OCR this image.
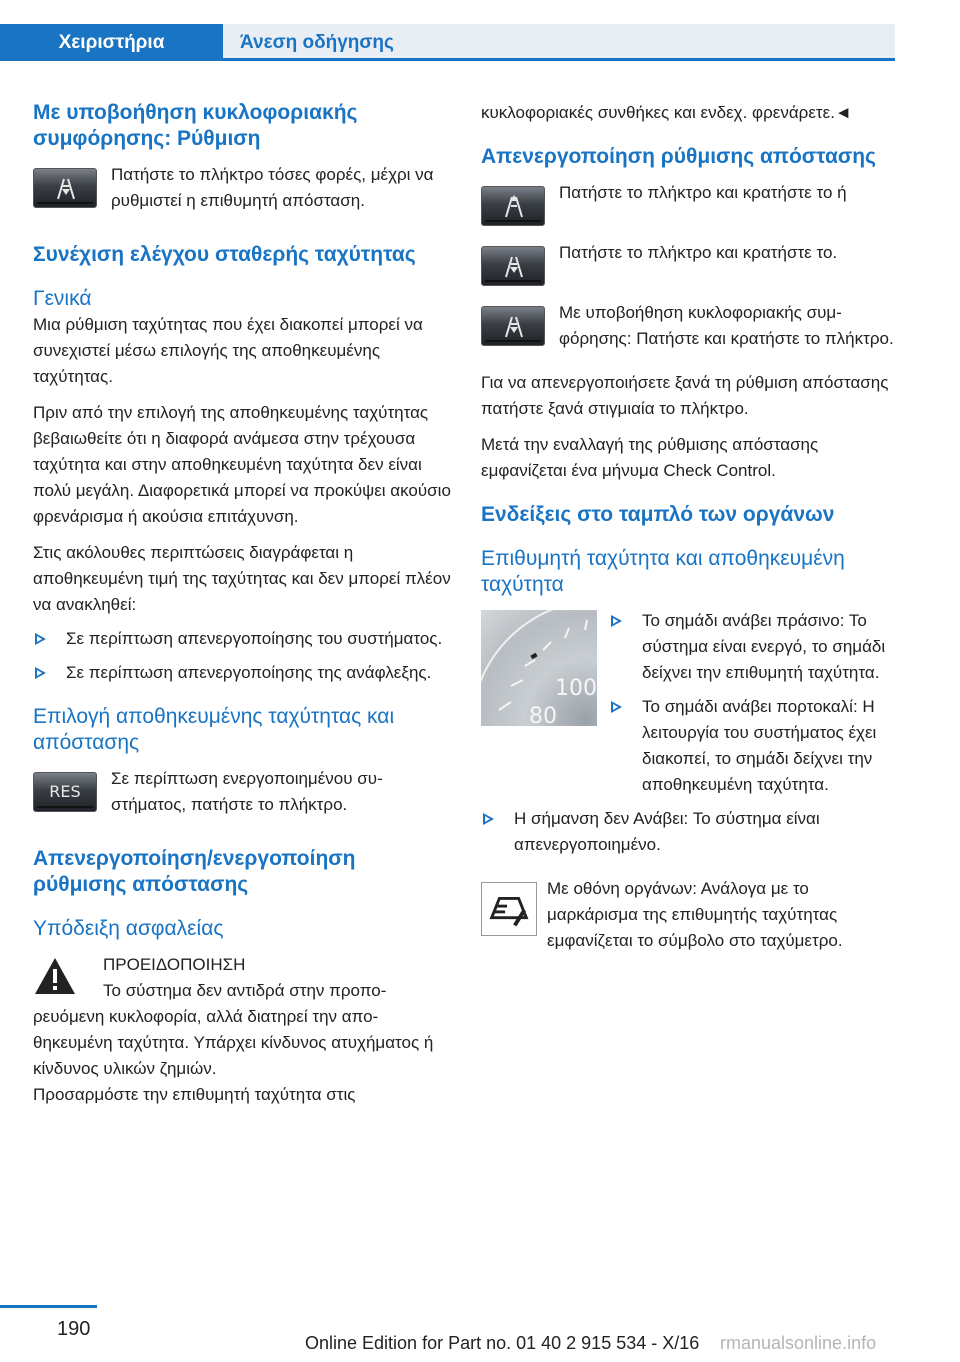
Χειριστήρια	Άνεση οδήγησης
Με υποβοήθηση κυκλοφοριακής συμφόρησης: Ρύθμιση
Πατήστε το πλήκτρο τόσες φορές, μέχρι να ρυθμιστεί η επιθυμητή απόσταση.
Συνέχιση ελέγχου σταθερής ταχύτητας
Γενικά
Μια ρύθμιση ταχύτητας που έχει διακοπεί μπορεί να συνεχιστεί μέσω επιλογής της αποθηκευμένης ταχύτητας.
Πριν από την επιλογή της αποθηκευμένης ταχύτητας βεβαιωθείτε ότι η διαφορά ανάμεσα στην τρέχουσα ταχύτητα και στην αποθηκευμένη ταχύτητα δεν είναι πολύ μεγάλη. Διαφορετικά μπορεί να προκύψει ακούσιο φρενάρισμα ή ακούσια επιτάχυνση.
Στις ακόλουθες περιπτώσεις διαγράφεται η αποθηκευμένη τιμή της ταχύτητας και δεν μπορεί πλέον να ανακληθεί:
Σε περίπτωση απενεργοποίησης του συστήματος.
Σε περίπτωση απενεργοποίησης της ανάφλεξης.
Επιλογή αποθηκευμένης ταχύτητας και απόστασης
RES
Σε περίπτωση ενεργοποιημένου συστήματος, πατήστε το πλήκτρο.
Απενεργοποίηση/ενεργοποίηση ρύθμισης απόστασης
Υπόδειξη ασφαλείας
ΠΡΟΕΙΔΟΠΟΙΗΣΗ
Το σύστημα δεν αντιδρά στην προπορευόμενη κυκλοφορία, αλλά διατηρεί την αποθηκευμένη ταχύτητα. Υπάρχει κίνδυνος ατυχήματος ή κίνδυνος υλικών ζημιών.
Προσαρμόστε την επιθυμητή ταχύτητα στις
κυκλοφοριακές συνθήκες και ενδεχ. φρενάρετε.◄
Απενεργοποίηση ρύθμισης απόστασης
Πατήστε το πλήκτρο και κρατήστε το ή
Πατήστε το πλήκτρο και κρατήστε το.
Με υποβοήθηση κυκλοφοριακής συμφόρησης: Πατήστε και κρατήστε το πλήκτρο.
Για να απενεργοποιήσετε ξανά τη ρύθμιση απόστασης πατήστε ξανά στιγμιαία το πλήκτρο.
Μετά την εναλλαγή της ρύθμισης απόστασης εμφανίζεται ένα μήνυμα Check Control.
Ενδείξεις στο ταμπλό των οργάνων
Επιθυμητή ταχύτητα και αποθηκευμένη ταχύτητα
100
80
Το σημάδι ανάβει πράσινο: Το σύστημα είναι ενεργό, το σημάδι δείχνει την επιθυμητή ταχύτητα.
Το σημάδι ανάβει πορτοκαλί: Η λειτουργία του συστήματος έχει διακοπεί, το σημάδι δείχνει την αποθηκευμένη ταχύτητα.
Η σήμανση δεν Ανάβει: Το σύστημα είναι απενεργοποιημένο.
Με οθόνη οργάνων: Ανάλογα με το μαρκάρισμα της επιθυμητής ταχύτητας εμφανίζεται το σύμβολο στο ταχύμετρο.
190
Online Edition for Part no. 01 40 2 915 534 - X/16 rmanualsonline.info
